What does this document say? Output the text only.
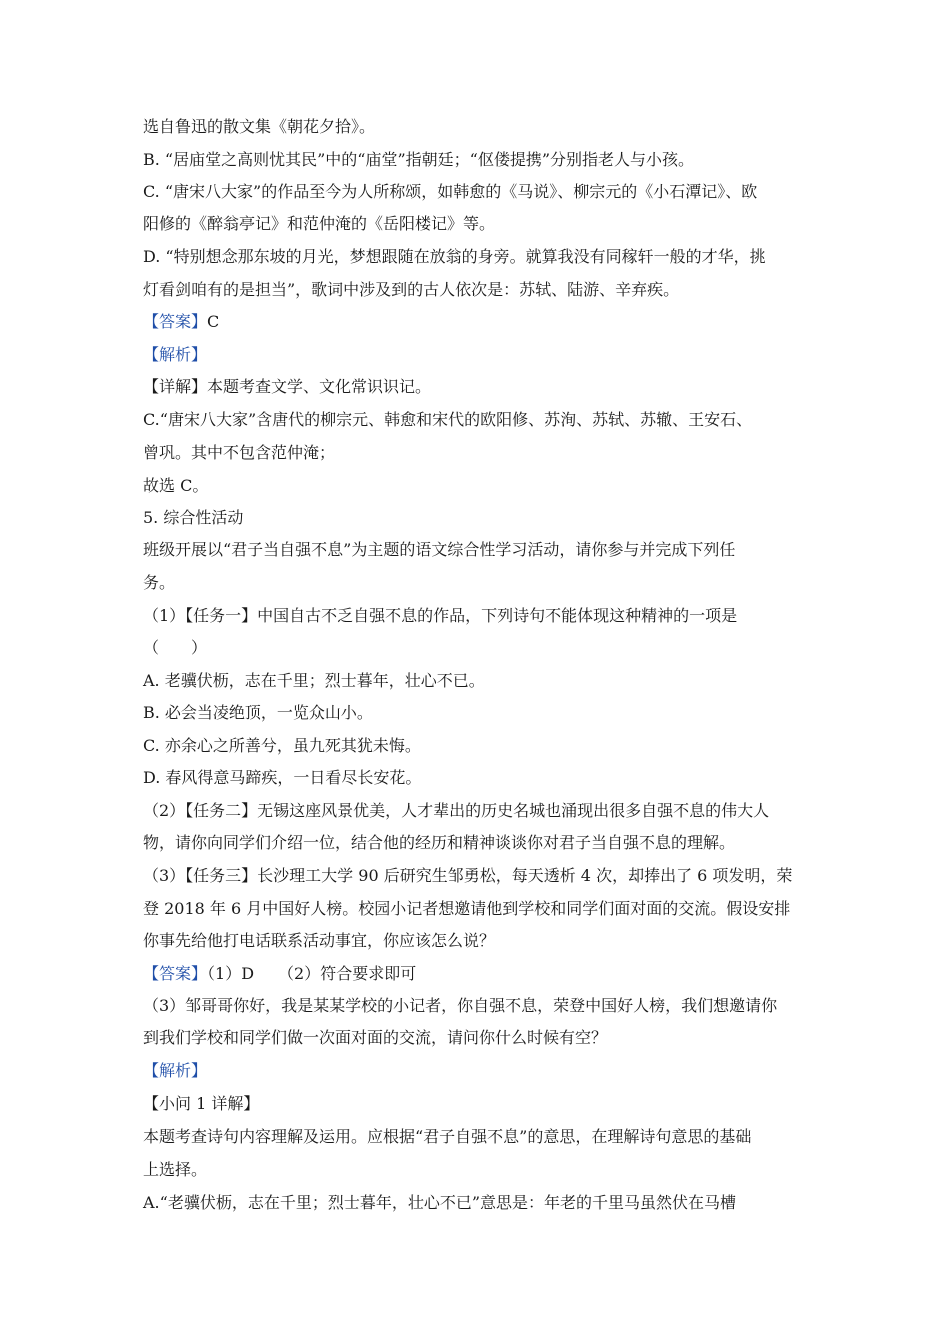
选自鲁迅的散文集《朝花夕拾》。
B. “居庙堂之高则忧其民”中的“庙堂”指朝廷；“伛偻提携”分别指老人与小孩。
C. “唐宋八大家”的作品至今为人所称颂，如韩愈的《马说》、柳宗元的《小石潭记》、欧
阳修的《醉翁亭记》和范仲淹的《岳阳楼记》等。
D. “特别想念那东坡的月光，梦想跟随在放翁的身旁。就算我没有同稼轩一般的才华，挑
灯看剑咱有的是担当”，歌词中涉及到的古人依次是：苏轼、陆游、辛弃疾。
【答案】C
【解析】
【详解】本题考查文学、文化常识识记。
C.“唐宋八大家”含唐代的柳宗元、韩愈和宋代的欧阳修、苏洵、苏轼、苏辙、王安石、
曾巩。其中不包含范仲淹；
故选 C。
5. 综合性活动
班级开展以“君子当自强不息”为主题的语文综合性学习活动，请你参与并完成下列任
务。
（1）【任务一】中国自古不乏自强不息的作品，下列诗句不能体现这种精神的一项是
（　　）
A. 老骥伏枥，志在千里；烈士暮年，壮心不已。
B. 必会当凌绝顶，一览众山小。
C. 亦余心之所善兮，虽九死其犹未悔。
D. 春风得意马蹄疾，一日看尽长安花。
（2）【任务二】无锡这座风景优美，人才辈出的历史名城也涌现出很多自强不息的伟大人
物，请你向同学们介绍一位，结合他的经历和精神谈谈你对君子当自强不息的理解。
（3）【任务三】长沙理工大学 90 后研究生邹勇松，每天透析 4 次，却捧出了 6 项发明，荣
登 2018 年 6 月中国好人榜。校园小记者想邀请他到学校和同学们面对面的交流。假设安排
你事先给他打电话联系活动事宜，你应该怎么说？
【答案】（1）D　　（2）符合要求即可
（3）邹哥哥你好，我是某某学校的小记者，你自强不息，荣登中国好人榜，我们想邀请你
到我们学校和同学们做一次面对面的交流，请问你什么时候有空？
【解析】
【小问 1 详解】
本题考查诗句内容理解及运用。应根据“君子自强不息”的意思，在理解诗句意思的基础
上选择。
A.“老骥伏枥，志在千里；烈士暮年，壮心不已”意思是：年老的千里马虽然伏在马槽
